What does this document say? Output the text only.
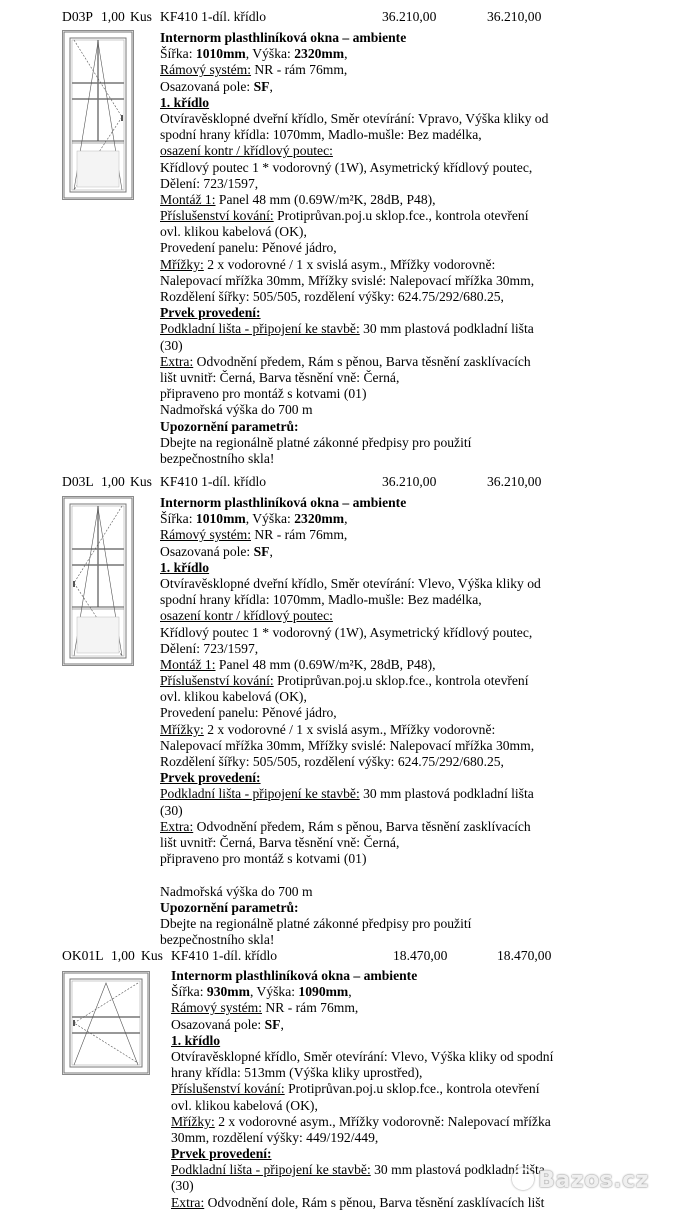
D03P 1,00 Kus KF410 1-díl. křídlo	36.210,00	36.210,00
Internorm plasthliníková okna – ambiente
Šířka: 1010mm, Výška: 2320mm,
Rámový systém: NR - rám 76mm,
Osazovaná pole: SF,
1. křídlo
Otvíravěsklopné dveřní křídlo, Směr otevírání: Vpravo, Výška kliky od
spodní hrany křídla: 1070mm, Madlo-mušle: Bez madélka,
osazení kontr / křídlový poutec:
Křídlový poutec 1 * vodorovný (1W), Asymetrický křídlový poutec,
Dělení: 723/1597,
Montáž 1: Panel 48 mm (0.69W/m²K, 28dB, P48),
Příslušenství kování: Protiprůvan.poj.u sklop.fce., kontrola otevření
ovl. klikou kabelová (OK),
Provedení panelu: Pěnové jádro,
Mřížky: 2 x vodorovné / 1 x svislá asym., Mřížky vodorovně:
Nalepovací mřížka 30mm, Mřížky svislé: Nalepovací mřížka 30mm,
Rozdělení šířky: 505/505, rozdělení výšky: 624.75/292/680.25,
Prvek provedení:
Podkladní lišta - připojení ke stavbě: 30 mm plastová podkladní lišta
(30)
Extra: Odvodnění předem, Rám s pěnou, Barva těsnění zasklívacích
lišt uvnitř: Černá, Barva těsnění vně: Černá,
připraveno pro montáž s kotvami (01)
Nadmořská výška do 700 m
Upozornění parametrů:
Dbejte na regionálně platné zákonné předpisy pro použití
bezpečnostního skla!
D03L 1,00 Kus KF410 1-díl. křídlo	36.210,00	36.210,00
Internorm plasthliníková okna – ambiente
Šířka: 1010mm, Výška: 2320mm,
Rámový systém: NR - rám 76mm,
Osazovaná pole: SF,
1. křídlo
Otvíravěsklopné dveřní křídlo, Směr otevírání: Vlevo, Výška kliky od
spodní hrany křídla: 1070mm, Madlo-mušle: Bez madélka,
osazení kontr / křídlový poutec:
Křídlový poutec 1 * vodorovný (1W), Asymetrický křídlový poutec,
Dělení: 723/1597,
Montáž 1: Panel 48 mm (0.69W/m²K, 28dB, P48),
Příslušenství kování: Protiprůvan.poj.u sklop.fce., kontrola otevření
ovl. klikou kabelová (OK),
Provedení panelu: Pěnové jádro,
Mřížky: 2 x vodorovné / 1 x svislá asym., Mřížky vodorovně:
Nalepovací mřížka 30mm, Mřížky svislé: Nalepovací mřížka 30mm,
Rozdělení šířky: 505/505, rozdělení výšky: 624.75/292/680.25,
Prvek provedení:
Podkladní lišta - připojení ke stavbě: 30 mm plastová podkladní lišta
(30)
Extra: Odvodnění předem, Rám s pěnou, Barva těsnění zasklívacích
lišt uvnitř: Černá, Barva těsnění vně: Černá,
připraveno pro montáž s kotvami (01)
Nadmořská výška do 700 m
Upozornění parametrů:
Dbejte na regionálně platné zákonné předpisy pro použití
bezpečnostního skla!
OK01L 1,00 Kus KF410 1-díl. křídlo	18.470,00	18.470,00
Internorm plasthliníková okna – ambiente
Šířka: 930mm, Výška: 1090mm,
Rámový systém: NR - rám 76mm,
Osazovaná pole: SF,
1. křídlo
Otvíravěsklopné křídlo, Směr otevírání: Vlevo, Výška kliky od spodní
hrany křídla: 513mm (Výška kliky uprostřed),
Příslušenství kování: Protiprůvan.poj.u sklop.fce., kontrola otevření
ovl. klikou kabelová (OK),
Mřížky: 2 x vodorovné asym., Mřížky vodorovně: Nalepovací mřížka
30mm, rozdělení výšky: 449/192/449,
Prvek provedení:
Podkladní lišta - připojení ke stavbě: 30 mm plastová podkladní lišta
(30)
Extra: Odvodnění dole, Rám s pěnou, Barva těsnění zasklívacích lišt
Bazos.cz
